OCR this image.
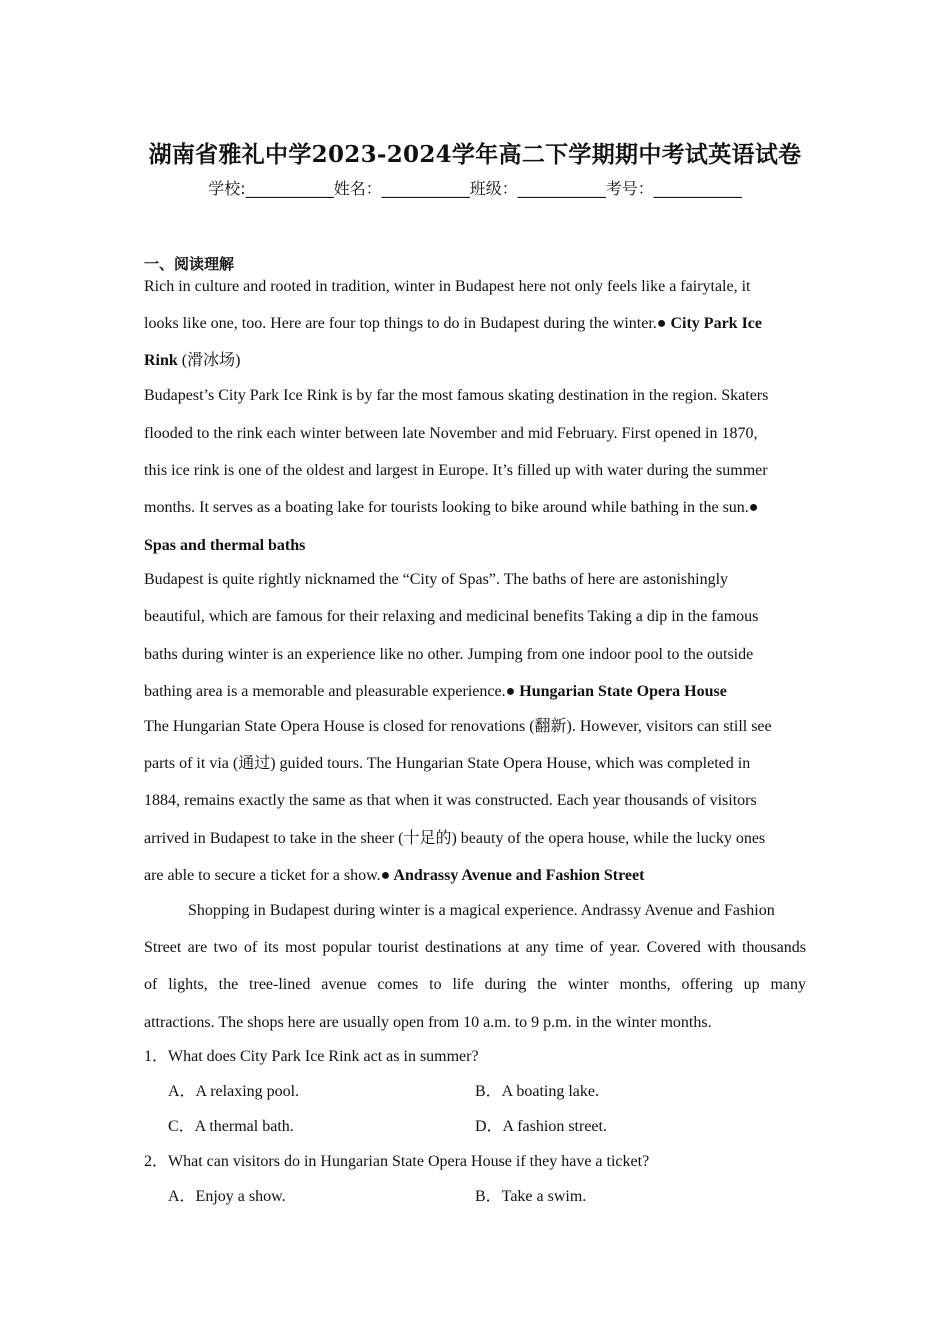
湖南省雅礼中学2023-2024学年高二下学期期中考试英语试卷
学校:___________姓名：___________班级：___________考号：___________
一、阅读理解
Rich in culture and rooted in tradition, winter in Budapest here not only feels like a fairytale, it
looks like one, too. Here are four top things to do in Budapest during the winter.● City Park Ice
Rink (滑冰场)
Budapest’s City Park Ice Rink is by far the most famous skating destination in the region. Skaters
flooded to the rink each winter between late November and mid February. First opened in 1870,
this ice rink is one of the oldest and largest in Europe. It’s filled up with water during the summer
months. It serves as a boating lake for tourists looking to bike around while bathing in the sun.●
Spas and thermal baths
Budapest is quite rightly nicknamed the “City of Spas”. The baths of here are astonishingly
beautiful, which are famous for their relaxing and medicinal benefits Taking a dip in the famous
baths during winter is an experience like no other. Jumping from one indoor pool to the outside
bathing area is a memorable and pleasurable experience.● Hungarian State Opera House
The Hungarian State Opera House is closed for renovations (翻新). However, visitors can still see
parts of it via (通过) guided tours. The Hungarian State Opera House, which was completed in
1884, remains exactly the same as that when it was constructed. Each year thousands of visitors
arrived in Budapest to take in the sheer (十足的) beauty of the opera house, while the lucky ones
are able to secure a ticket for a show.● Andrassy Avenue and Fashion Street
Shopping in Budapest during winter is a magical experience. Andrassy Avenue and Fashion
Street are two of its most popular tourist destinations at any time of year. Covered with thousands
of lights, the tree-lined avenue comes to life during the winter months, offering up many
attractions. The shops here are usually open from 10 a.m. to 9 p.m. in the winter months.
1．What does City Park Ice Rink act as in summer?
A．A relaxing pool.	B．A boating lake.
C．A thermal bath.	D．A fashion street.
2．What can visitors do in Hungarian State Opera House if they have a ticket?
A．Enjoy a show.	B．Take a swim.
